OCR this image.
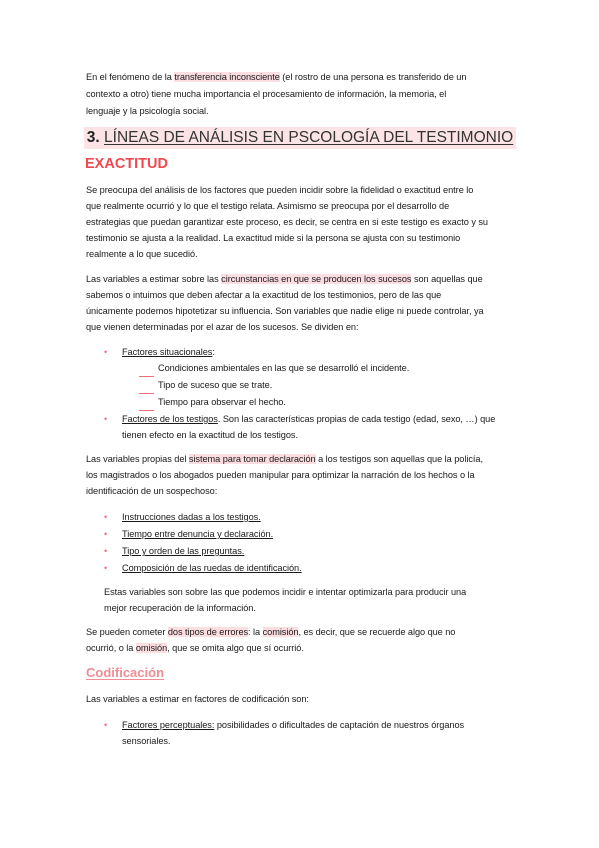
En el fenómeno de la transferencia inconsciente (el rostro de una persona es transferido de un
contexto a otro) tiene mucha importancia el procesamiento de información, la memoria, el
lenguaje y la psicología social.
3. LÍNEAS DE ANÁLISIS EN PSCOLOGÍA DEL TESTIMONIO
EXACTITUD
Se preocupa del análisis de los factores que pueden incidir sobre la fidelidad o exactitud entre lo
que realmente ocurrió y lo que el testigo relata. Asimismo se preocupa por el desarrollo de
estrategias que puedan garantizar este proceso, es decir, se centra en si este testigo es exacto y su
testimonio se ajusta a la realidad. La exactitud mide si la persona se ajusta con su testimonio
realmente a lo que sucedió.
Las variables a estimar sobre las circunstancias en que se producen los sucesos son aquellas que
sabemos o intuimos que deben afectar a la exactitud de los testimonios, pero de las que
únicamente podemos hipotetizar su influencia. Son variables que nadie elige ni puede controlar, ya
que vienen determinadas por el azar de los sucesos. Se dividen en:
• Factores situacionales:
Condiciones ambientales en las que se desarrolló el incidente.
Tipo de suceso que se trate.
Tiempo para observar el hecho.
• Factores de los testigos. Son las características propias de cada testigo (edad, sexo, …) que
tienen efecto en la exactitud de los testigos.
Las variables propias del sistema para tomar declaración a los testigos son aquellas que la policía,
los magistrados o los abogados pueden manipular para optimizar la narración de los hechos o la
identificación de un sospechoso:
• Instrucciones dadas a los testigos.
• Tiempo entre denuncia y declaración.
• Tipo y orden de las preguntas.
• Composición de las ruedas de identificación.
Estas variables son sobre las que podemos incidir e intentar optimizarla para producir una
mejor recuperación de la información.
Se pueden cometer dos tipos de errores: la comisión, es decir, que se recuerde algo que no
ocurrió, o la omisión, que se omita algo que sí ocurrió.
Codificación
Las variables a estimar en factores de codificación son:
• Factores perceptuales: posibilidades o dificultades de captación de nuestros órganos
sensoriales.
